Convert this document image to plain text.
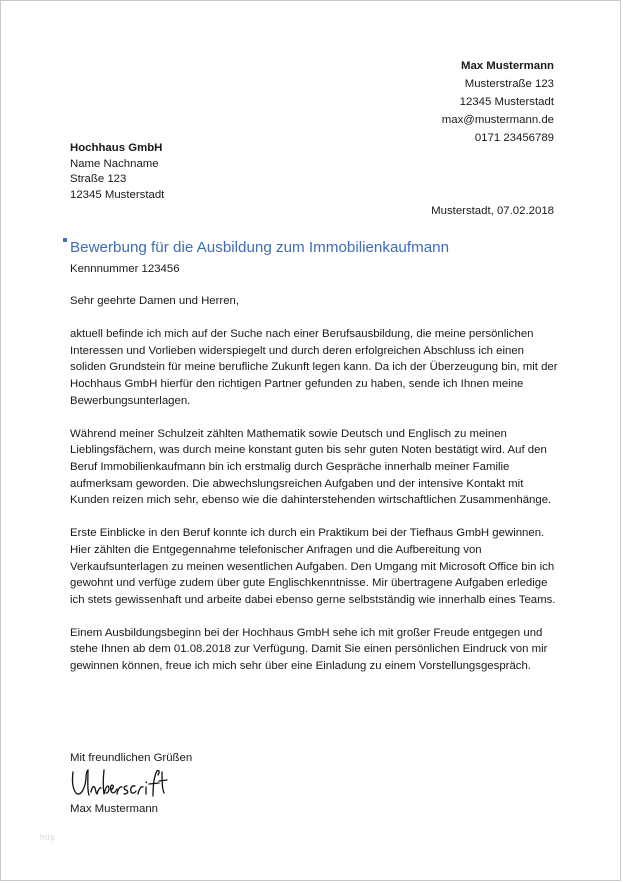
Max Mustermann
Musterstraße 123
12345 Musterstadt
max@mustermann.de
0171 23456789
Hochhaus GmbH
Name Nachname
Straße 123
12345 Musterstadt
Musterstadt, 07.02.2018
Bewerbung für die Ausbildung zum Immobilienkaufmann
Kennnummer 123456

Sehr geehrte Damen und Herren,

aktuell befinde ich mich auf der Suche nach einer Berufsausbildung, die meine persönlichen Interessen und Vorlieben widerspiegelt und durch deren erfolgreichen Abschluss ich einen soliden Grundstein für meine berufliche Zukunft legen kann. Da ich der Überzeugung bin, mit der Hochhaus GmbH hierfür den richtigen Partner gefunden zu haben, sende ich Ihnen meine Bewerbungsunterlagen.

Während meiner Schulzeit zählten Mathematik sowie Deutsch und Englisch zu meinen Lieblingsfächern, was durch meine konstant guten bis sehr guten Noten bestätigt wird. Auf den Beruf Immobilienkaufmann bin ich erstmalig durch Gespräche innerhalb meiner Familie aufmerksam geworden. Die abwechslungsreichen Aufgaben und der intensive Kontakt mit Kunden reizen mich sehr, ebenso wie die dahinterstehenden wirtschaftlichen Zusammenhänge.

Erste Einblicke in den Beruf konnte ich durch ein Praktikum bei der Tiefhaus GmbH gewinnen. Hier zählten die Entgegennahme telefonischer Anfragen und die Aufbereitung von Verkaufsunterlagen zu meinen wesentlichen Aufgaben. Den Umgang mit Microsoft Office bin ich gewohnt und verfüge zudem über gute Englischkenntnisse. Mir übertragene Aufgaben erledige ich stets gewissenhaft und arbeite dabei ebenso gerne selbstständig wie innerhalb eines Teams.

Einem Ausbildungsbeginn bei der Hochhaus GmbH sehe ich mit großer Freude entgegen und stehe Ihnen ab dem 01.08.2018 zur Verfügung. Damit Sie einen persönlichen Eindruck von mir gewinnen können, freue ich mich sehr über eine Einladung zu einem Vorstellungsgespräch.

Mit freundlichen Grüßen
Max Mustermann
http
